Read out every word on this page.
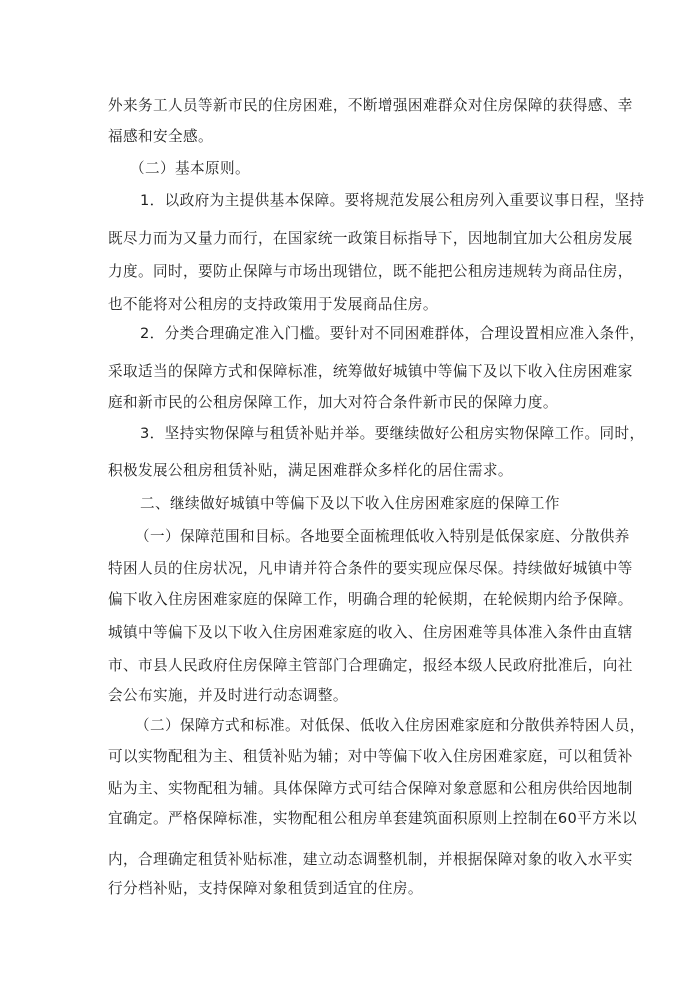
外来务工人员等新市民的住房困难，不断增强困难群众对住房保障的获得感、幸
福感和安全感。
（二）基本原则。
1．以政府为主提供基本保障。要将规范发展公租房列入重要议事日程，坚持
既尽力而为又量力而行，在国家统一政策目标指导下，因地制宜加大公租房发展
力度。同时，要防止保障与市场出现错位，既不能把公租房违规转为商品住房，
也不能将对公租房的支持政策用于发展商品住房。
2．分类合理确定准入门槛。要针对不同困难群体，合理设置相应准入条件，
采取适当的保障方式和保障标准，统筹做好城镇中等偏下及以下收入住房困难家
庭和新市民的公租房保障工作，加大对符合条件新市民的保障力度。
3．坚持实物保障与租赁补贴并举。要继续做好公租房实物保障工作。同时，
积极发展公租房租赁补贴，满足困难群众多样化的居住需求。
二、继续做好城镇中等偏下及以下收入住房困难家庭的保障工作
（一）保障范围和目标。各地要全面梳理低收入特别是低保家庭、分散供养
特困人员的住房状况，凡申请并符合条件的要实现应保尽保。持续做好城镇中等
偏下收入住房困难家庭的保障工作，明确合理的轮候期，在轮候期内给予保障。
城镇中等偏下及以下收入住房困难家庭的收入、住房困难等具体准入条件由直辖
市、市县人民政府住房保障主管部门合理确定，报经本级人民政府批准后，向社
会公布实施，并及时进行动态调整。
（二）保障方式和标准。对低保、低收入住房困难家庭和分散供养特困人员，
可以实物配租为主、租赁补贴为辅；对中等偏下收入住房困难家庭，可以租赁补
贴为主、实物配租为辅。具体保障方式可结合保障对象意愿和公租房供给因地制
宜确定。严格保障标准，实物配租公租房单套建筑面积原则上控制在60平方米以
内，合理确定租赁补贴标准，建立动态调整机制，并根据保障对象的收入水平实
行分档补贴，支持保障对象租赁到适宜的住房。
